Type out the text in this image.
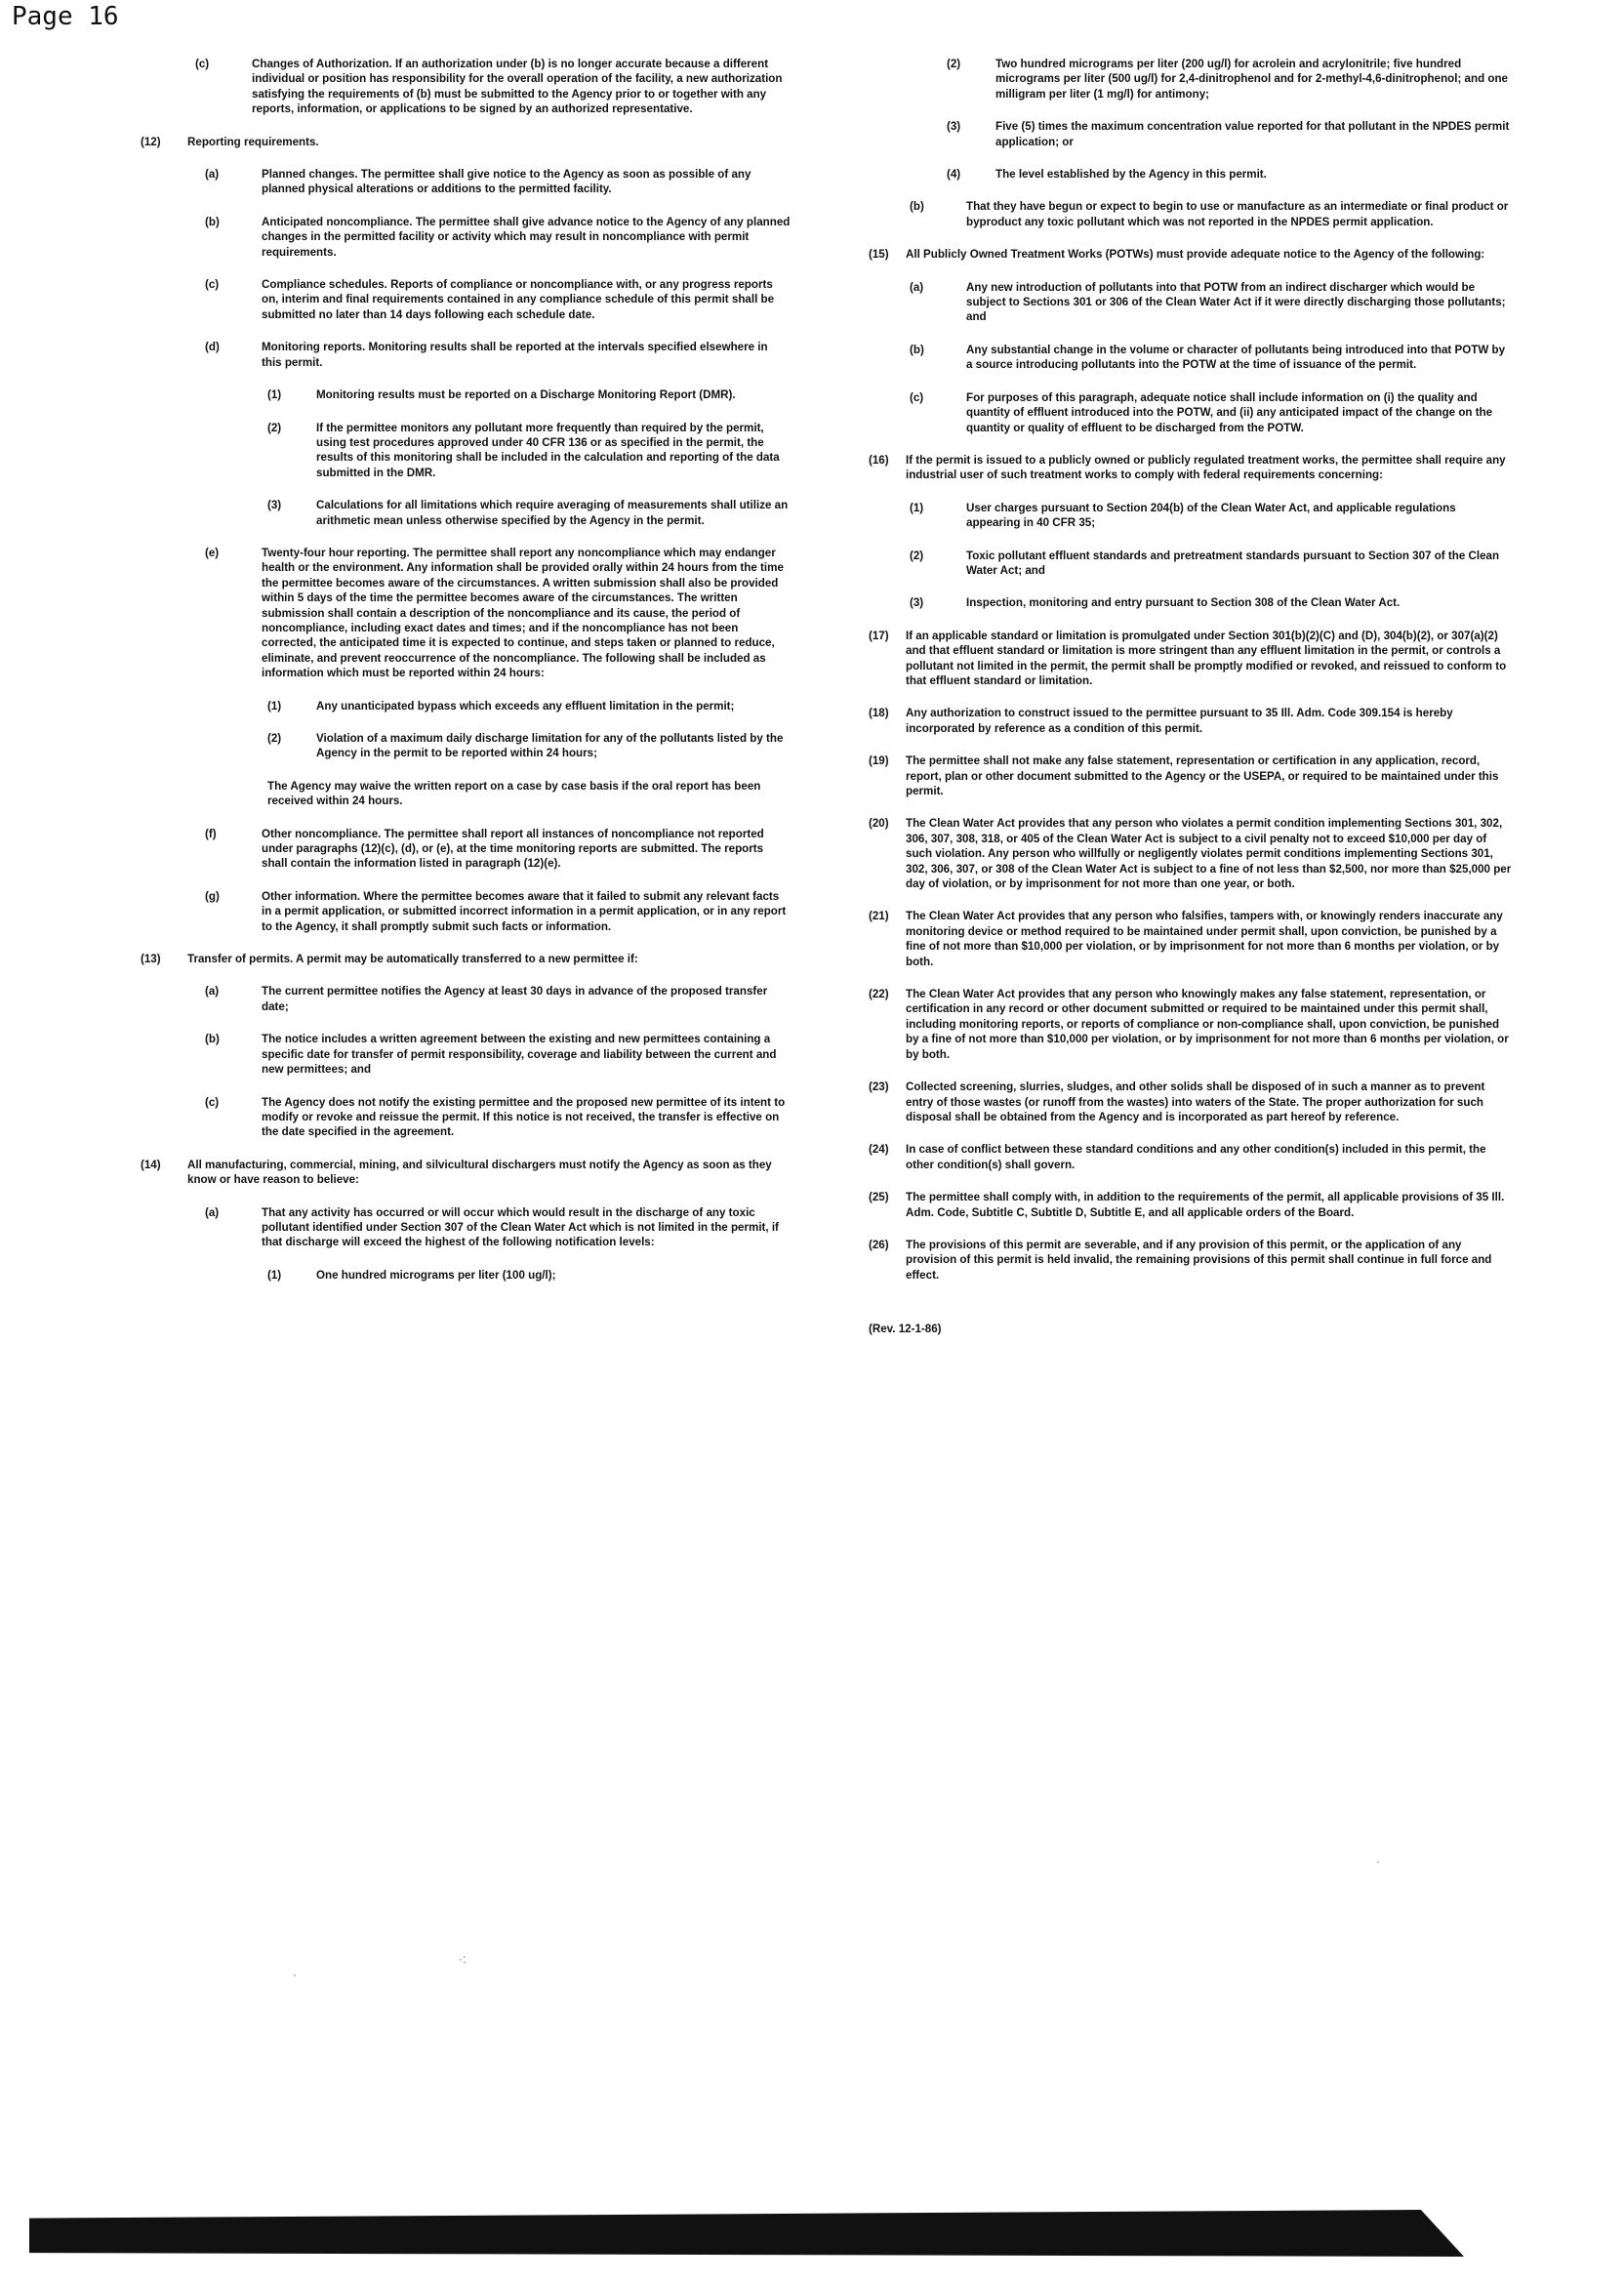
Page 16
(c)	Changes of Authorization. If an authorization under (b) is no longer accurate because a different individual or position has responsibility for the overall operation of the facility, a new authorization satisfying the requirements of (b) must be submitted to the Agency prior to or together with any reports, information, or applications to be signed by an authorized representative.
(12) Reporting requirements.
(a)	Planned changes. The permittee shall give notice to the Agency as soon as possible of any planned physical alterations or additions to the permitted facility.
(b)	Anticipated noncompliance. The permittee shall give advance notice to the Agency of any planned changes in the permitted facility or activity which may result in noncompliance with permit requirements.
(c)	Compliance schedules. Reports of compliance or noncompliance with, or any progress reports on, interim and final requirements contained in any compliance schedule of this permit shall be submitted no later than 14 days following each schedule date.
(d)	Monitoring reports. Monitoring results shall be reported at the intervals specified elsewhere in this permit.
(1)	Monitoring results must be reported on a Discharge Monitoring Report (DMR).
(2)	If the permittee monitors any pollutant more frequently than required by the permit, using test procedures approved under 40 CFR 136 or as specified in the permit, the results of this monitoring shall be included in the calculation and reporting of the data submitted in the DMR.
(3)	Calculations for all limitations which require averaging of measurements shall utilize an arithmetic mean unless otherwise specified by the Agency in the permit.
(e)	Twenty-four hour reporting. The permittee shall report any noncompliance which may endanger health or the environment. Any information shall be provided orally within 24 hours from the time the permittee becomes aware of the circumstances. A written submission shall also be provided within 5 days of the time the permittee becomes aware of the circumstances. The written submission shall contain a description of the noncompliance and its cause, the period of noncompliance, including exact dates and times; and if the noncompliance has not been corrected, the anticipated time it is expected to continue, and steps taken or planned to reduce, eliminate, and prevent reoccurrence of the noncompliance. The following shall be included as information which must be reported within 24 hours:
(1)	Any unanticipated bypass which exceeds any effluent limitation in the permit;
(2)	Violation of a maximum daily discharge limitation for any of the pollutants listed by the Agency in the permit to be reported within 24 hours;
The Agency may waive the written report on a case by case basis if the oral report has been received within 24 hours.
(f)	Other noncompliance. The permittee shall report all instances of noncompliance not reported under paragraphs (12)(c), (d), or (e), at the time monitoring reports are submitted. The reports shall contain the information listed in paragraph (12)(e).
(g)	Other information. Where the permittee becomes aware that it failed to submit any relevant facts in a permit application, or submitted incorrect information in a permit application, or in any report to the Agency, it shall promptly submit such facts or information.
(13) Transfer of permits. A permit may be automatically transferred to a new permittee if:
(a)	The current permittee notifies the Agency at least 30 days in advance of the proposed transfer date;
(b)	The notice includes a written agreement between the existing and new permittees containing a specific date for transfer of permit responsibility, coverage and liability between the current and new permittees; and
(c)	The Agency does not notify the existing permittee and the proposed new permittee of its intent to modify or revoke and reissue the permit. If this notice is not received, the transfer is effective on the date specified in the agreement.
(14) All manufacturing, commercial, mining, and silvicultural dischargers must notify the Agency as soon as they know or have reason to believe:
(a)	That any activity has occurred or will occur which would result in the discharge of any toxic pollutant identified under Section 307 of the Clean Water Act which is not limited in the permit, if that discharge will exceed the highest of the following notification levels:
(1)	One hundred micrograms per liter (100 ug/l);
(2)	Two hundred micrograms per liter (200 ug/l) for acrolein and acrylonitrile; five hundred micrograms per liter (500 ug/l) for 2,4-dinitrophenol and for 2-methyl-4,6-dinitrophenol; and one milligram per liter (1 mg/l) for antimony;
(3)	Five (5) times the maximum concentration value reported for that pollutant in the NPDES permit application; or
(4)	The level established by the Agency in this permit.
(b)	That they have begun or expect to begin to use or manufacture as an intermediate or final product or byproduct any toxic pollutant which was not reported in the NPDES permit application.
(15) All Publicly Owned Treatment Works (POTWs) must provide adequate notice to the Agency of the following:
(a)	Any new introduction of pollutants into that POTW from an indirect discharger which would be subject to Sections 301 or 306 of the Clean Water Act if it were directly discharging those pollutants; and
(b)	Any substantial change in the volume or character of pollutants being introduced into that POTW by a source introducing pollutants into the POTW at the time of issuance of the permit.
(c)	For purposes of this paragraph, adequate notice shall include information on (i) the quality and quantity of effluent introduced into the POTW, and (ii) any anticipated impact of the change on the quantity or quality of effluent to be discharged from the POTW.
(16) If the permit is issued to a publicly owned or publicly regulated treatment works, the permittee shall require any industrial user of such treatment works to comply with federal requirements concerning:
(1)	User charges pursuant to Section 204(b) of the Clean Water Act, and applicable regulations appearing in 40 CFR 35;
(2)	Toxic pollutant effluent standards and pretreatment standards pursuant to Section 307 of the Clean Water Act; and
(3)	Inspection, monitoring and entry pursuant to Section 308 of the Clean Water Act.
(17) If an applicable standard or limitation is promulgated under Section 301(b)(2)(C) and (D), 304(b)(2), or 307(a)(2) and that effluent standard or limitation is more stringent than any effluent limitation in the permit, or controls a pollutant not limited in the permit, the permit shall be promptly modified or revoked, and reissued to conform to that effluent standard or limitation.
(18) Any authorization to construct issued to the permittee pursuant to 35 Ill. Adm. Code 309.154 is hereby incorporated by reference as a condition of this permit.
(19) The permittee shall not make any false statement, representation or certification in any application, record, report, plan or other document submitted to the Agency or the USEPA, or required to be maintained under this permit.
(20) The Clean Water Act provides that any person who violates a permit condition implementing Sections 301, 302, 306, 307, 308, 318, or 405 of the Clean Water Act is subject to a civil penalty not to exceed $10,000 per day of such violation. Any person who willfully or negligently violates permit conditions implementing Sections 301, 302, 306, 307, or 308 of the Clean Water Act is subject to a fine of not less than $2,500, nor more than $25,000 per day of violation, or by imprisonment for not more than one year, or both.
(21) The Clean Water Act provides that any person who falsifies, tampers with, or knowingly renders inaccurate any monitoring device or method required to be maintained under permit shall, upon conviction, be punished by a fine of not more than $10,000 per violation, or by imprisonment for not more than 6 months per violation, or by both.
(22) The Clean Water Act provides that any person who knowingly makes any false statement, representation, or certification in any record or other document submitted or required to be maintained under this permit shall, including monitoring reports, or reports of compliance or non-compliance shall, upon conviction, be punished by a fine of not more than $10,000 per violation, or by imprisonment for not more than 6 months per violation, or by both.
(23) Collected screening, slurries, sludges, and other solids shall be disposed of in such a manner as to prevent entry of those wastes (or runoff from the wastes) into waters of the State. The proper authorization for such disposal shall be obtained from the Agency and is incorporated as part hereof by reference.
(24) In case of conflict between these standard conditions and any other condition(s) included in this permit, the other condition(s) shall govern.
(25) The permittee shall comply with, in addition to the requirements of the permit, all applicable provisions of 35 Ill. Adm. Code, Subtitle C, Subtitle D, Subtitle E, and all applicable orders of the Board.
(26) The provisions of this permit are severable, and if any provision of this permit, or the application of any provision of this permit is held invalid, the remaining provisions of this permit shall continue in full force and effect.
(Rev. 12-1-86)
·
·:
·
